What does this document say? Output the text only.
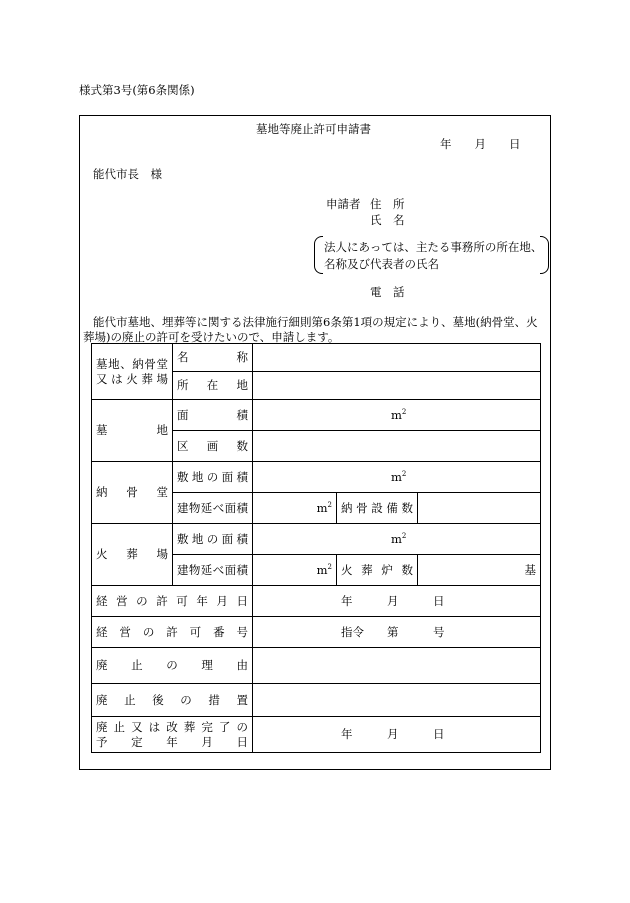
様式第3号(第6条関係)
墓地等廃止許可申請書
年　　月　　日
能代市長　様
申請者 住　所
氏　名
法人にあっては、主たる事務所の所在地、
名称及び代表者の氏名
電　話
能代市墓地、埋葬等に関する法律施行細則第6条第1項の規定により、墓地(納骨堂、火
葬場)の廃止の許可を受けたいので、申請します。
墓地、納骨堂又は火葬場	名称			
	所在地			
墓地	面積	$m^2$
	区画数			
納骨堂	敷地の面積	$m^2$
	建物延べ面積	$m^2$	納骨設備数	
火葬場	敷地の面積	$m^2$
	建物延べ面積	$m^2$	火葬炉数	基
経営の許可年月日		年　　　月　　　日		
経営の許可番号		指令　　第　　　号		
廃止の理由				
廃止後の措置				

廃止又は改葬完了の
予定年月日		年　　　月　　　日		
